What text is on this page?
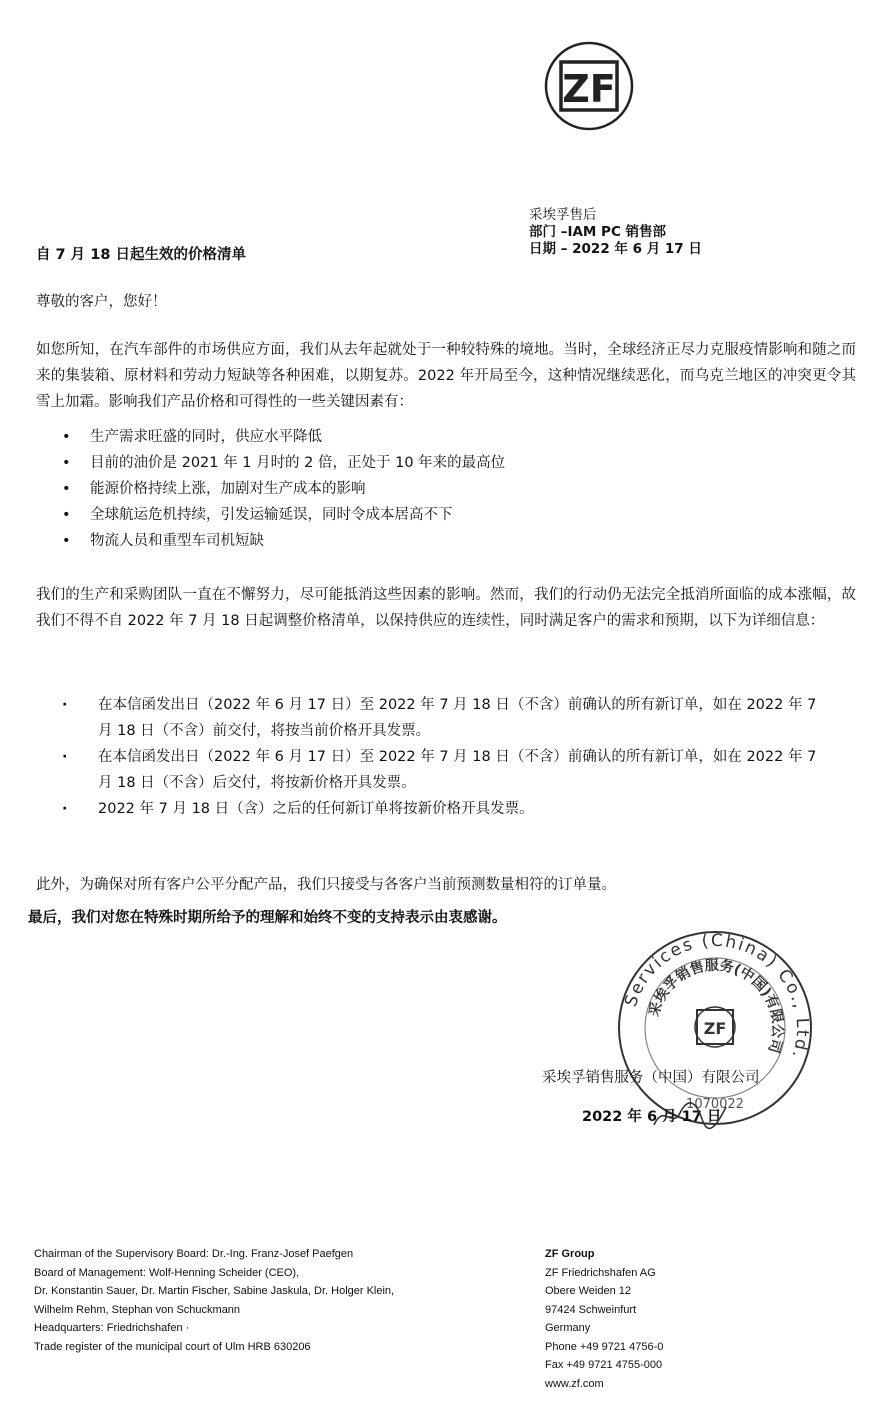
ZF
采埃孚售后
部门 –IAM PC 销售部
日期 – 2022 年 6 月 17 日
自 7 月 18 日起生效的价格清单
尊敬的客户，您好！
如您所知，在汽车部件的市场供应方面，我们从去年起就处于一种较特殊的境地。当时，全球经济正尽力克服疫情影响和随之而来的集装箱、原材料和劳动力短缺等各种困难，以期复苏。2022 年开局至今，这种情况继续恶化，而乌克兰地区的冲突更令其雪上加霜。影响我们产品价格和可得性的一些关键因素有：
• 生产需求旺盛的同时，供应水平降低
• 目前的油价是 2021 年 1 月时的 2 倍，正处于 10 年来的最高位
• 能源价格持续上涨，加剧对生产成本的影响
• 全球航运危机持续，引发运输延误，同时令成本居高不下
• 物流人员和重型车司机短缺
我们的生产和采购团队一直在不懈努力，尽可能抵消这些因素的影响。然而，我们的行动仍无法完全抵消所面临的成本涨幅，故我们不得不自 2022 年 7 月 18 日起调整价格清单，以保持供应的连续性，同时满足客户的需求和预期，以下为详细信息：
· 在本信函发出日（2022 年 6 月 17 日）至 2022 年 7 月 18 日（不含）前确认的所有新订单，如在 2022 年 7 月 18 日（不含）前交付，将按当前价格开具发票。
· 在本信函发出日（2022 年 6 月 17 日）至 2022 年 7 月 18 日（不含）前确认的所有新订单，如在 2022 年 7 月 18 日（不含）后交付，将按新价格开具发票。
· 2022 年 7 月 18 日（含）之后的任何新订单将按新价格开具发票。
此外，为确保对所有客户公平分配产品，我们只接受与各客户当前预测数量相符的订单量。
最后，我们对您在特殊时期所给予的理解和始终不变的支持表示由衷感谢。
Services (China) Co., Ltd.
采埃孚销售服务(中国)有限公司
ZF
1070022
采埃孚销售服务（中国）有限公司
2022 年 6 月 17 日
Chairman of the Supervisory Board: Dr.-Ing. Franz-Josef Paefgen
Board of Management: Wolf-Henning Scheider (CEO),
Dr. Konstantin Sauer, Dr. Martin Fischer, Sabine Jaskula, Dr. Holger Klein,
Wilhelm Rehm, Stephan von Schuckmann
Headquarters: Friedrichshafen ·
Trade register of the municipal court of Ulm HRB 630206
ZF Group
ZF Friedrichshafen AG
Obere Weiden 12
97424 Schweinfurt
Germany
Phone +49 9721 4756-0
Fax +49 9721 4755-000
www.zf.com
